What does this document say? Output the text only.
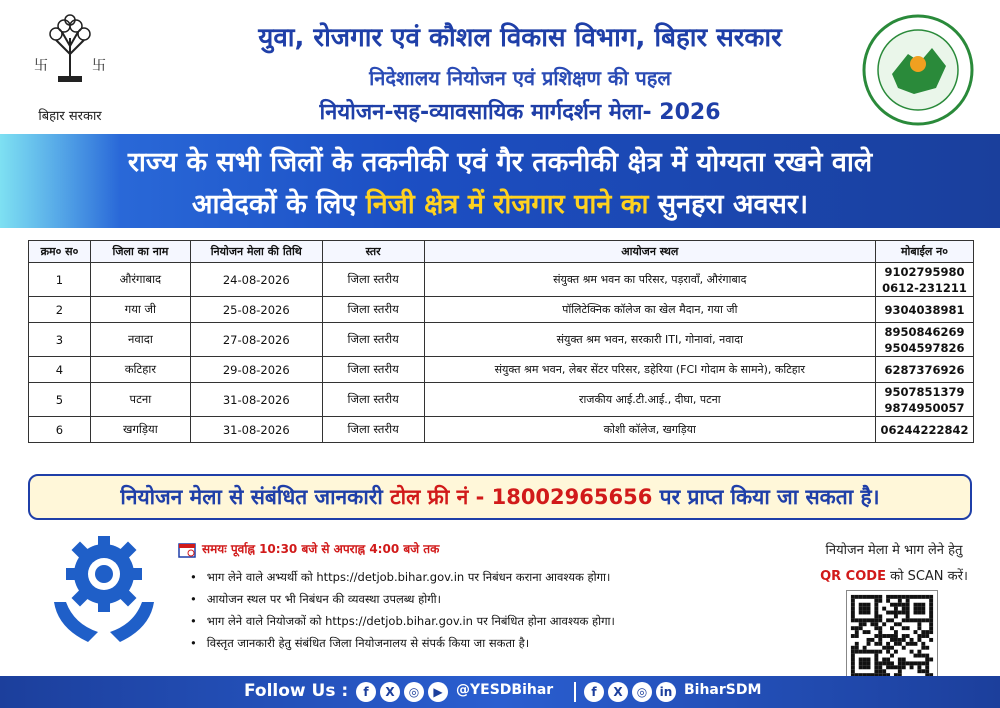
卐	卐
बिहार सरकार
युवा, रोजगार एवं कौशल विकास विभाग, बिहार सरकार
निदेशालय नियोजन एवं प्रशिक्षण की पहल
नियोजन-सह-व्यावसायिक मार्गदर्शन मेला- 2026
राज्य के सभी जिलों के तकनीकी एवं गैर तकनीकी क्षेत्र में योग्यता रखने वाले
आवेदकों के लिए निजी क्षेत्र में रोजगार पाने का सुनहरा अवसर।
क्रम० स०	जिला का नाम	नियोजन मेला की तिथि	स्तर	आयोजन स्थल	मोबाईल न०
1	औरंगाबाद	24-08-2026	जिला स्तरीय	संयुक्त श्रम भवन का परिसर, पड़रावाँ, औरंगाबाद	9102795980
0612-231211

2	गया जी	25-08-2026	जिला स्तरीय	पॉलिटेक्निक कॉलेज का खेल मैदान, गया जी	9304038981

3	नवादा	27-08-2026	जिला स्तरीय	संयुक्त श्रम भवन, सरकारी ITI, गोनावां, नवादा	8950846269
9504597826

4	कटिहार	29-08-2026	जिला स्तरीय	संयुक्त श्रम भवन, लेबर सेंटर परिसर, डहेरिया (FCI गोदाम के सामने), कटिहार	6287376926

5	पटना	31-08-2026	जिला स्तरीय	राजकीय आई.टी.आई., दीघा, पटना	9507851379
9874950057

6	खगड़िया	31-08-2026	जिला स्तरीय	कोशी कॉलेज, खगड़िया	06244222842
नियोजन मेला से संबंधित जानकारी टोल फ्री नं - 18002965656 पर प्राप्त किया जा सकता है।
समयः पूर्वाह्न 10:30 बजे से अपराह्न 4:00 बजे तक
• भाग लेने वाले अभ्यर्थी को https://detjob.bihar.gov.in पर निबंधन कराना आवश्यक होगा।
• आयोजन स्थल पर भी निबंधन की व्यवस्था उपलब्ध होगी।
• भाग लेने वाले नियोजकों को https://detjob.bihar.gov.in पर निबंधित होना आवश्यक होगा।
• विस्तृत जानकारी हेतु संबंधित जिला नियोजनालय से संपर्क किया जा सकता है।
नियोजन मेला मे भाग लेने हेतु
QR CODE को SCAN करें।
Follow Us :	f	X	◎	▶ @YESDBihar	f	X	◎	in BiharSDM
